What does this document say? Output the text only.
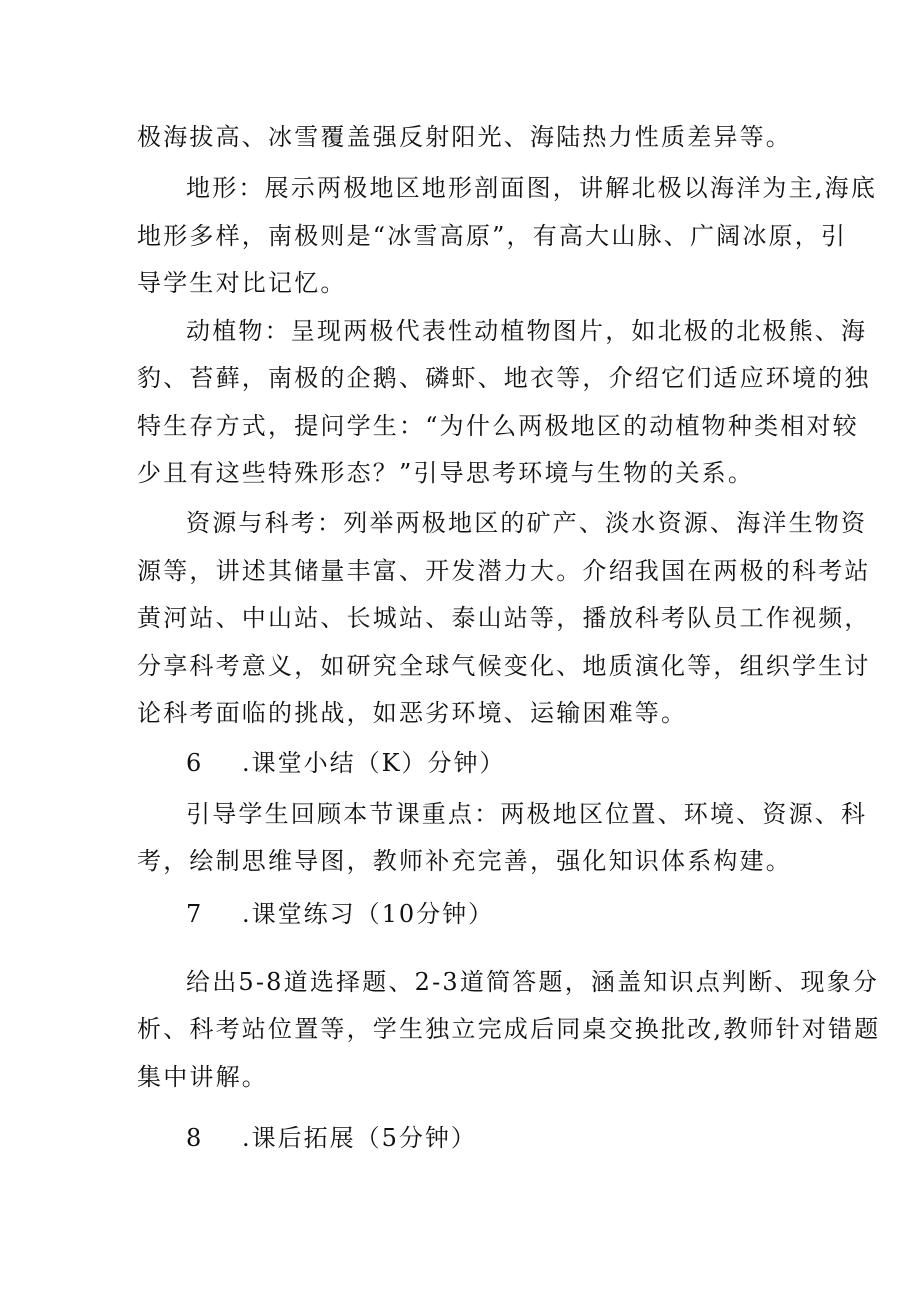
极海拔高、冰雪覆盖强反射阳光、海陆热力性质差异等。
地形：展示两极地区地形剖面图，讲解北极以海洋为主,海底
地形多样，南极则是“冰雪高原”，有高大山脉、广阔冰原，引
导学生对比记忆。
动植物：呈现两极代表性动植物图片，如北极的北极熊、海
豹、苔藓，南极的企鹅、磷虾、地衣等，介绍它们适应环境的独
特生存方式，提问学生：“为什么两极地区的动植物种类相对较
少且有这些特殊形态？”引导思考环境与生物的关系。
资源与科考：列举两极地区的矿产、淡水资源、海洋生物资
源等，讲述其储量丰富、开发潜力大。介绍我国在两极的科考站
黄河站、中山站、长城站、泰山站等，播放科考队员工作视频，
分享科考意义，如研究全球气候变化、地质演化等，组织学生讨
论科考面临的挑战，如恶劣环境、运输困难等。
6 .课堂小结（K）分钟）
引导学生回顾本节课重点：两极地区位置、环境、资源、科
考，绘制思维导图，教师补充完善，强化知识体系构建。
7 .课堂练习（10分钟）
给出5-8道选择题、2-3道简答题，涵盖知识点判断、现象分
析、科考站位置等，学生独立完成后同桌交换批改,教师针对错题
集中讲解。
8 .课后拓展（5分钟）
